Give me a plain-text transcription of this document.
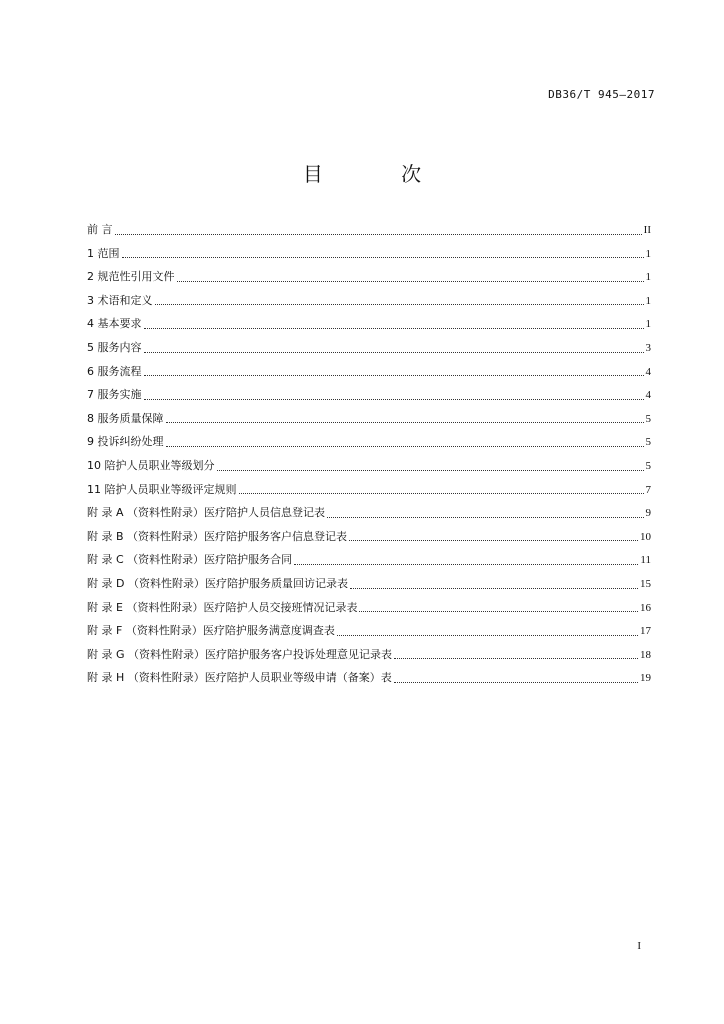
DB36/T 945—2017
目 次
前 言	II
1 范围	1
2 规范性引用文件	1
3 术语和定义	1
4 基本要求	1
5 服务内容	3
6 服务流程	4
7 服务实施	4
8 服务质量保障	5
9 投诉纠纷处理	5
10 陪护人员职业等级划分	5
11 陪护人员职业等级评定规则	7
附 录 A （资料性附录）医疗陪护人员信息登记表	9
附 录 B （资料性附录）医疗陪护服务客户信息登记表	10
附 录 C （资料性附录）医疗陪护服务合同	11
附 录 D （资料性附录）医疗陪护服务质量回访记录表	15
附 录 E （资料性附录）医疗陪护人员交接班情况记录表	16
附 录 F （资料性附录）医疗陪护服务满意度调查表	17
附 录 G （资料性附录）医疗陪护服务客户投诉处理意见记录表	18
附 录 H （资料性附录）医疗陪护人员职业等级申请（备案）表	19
I
